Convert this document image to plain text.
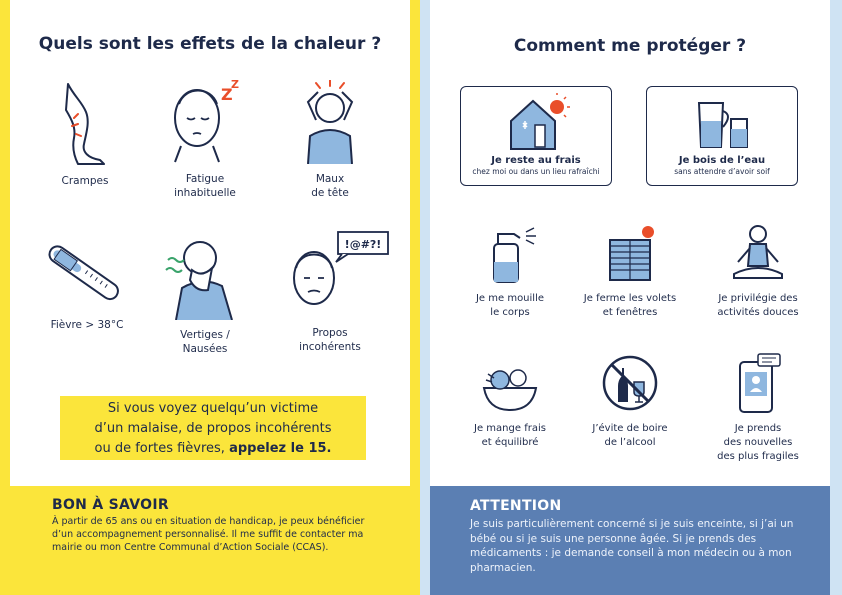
Quels sont les effets de la chaleur ?
Crampes
Z
Z
Fatigue
inhabituelle
Maux
de tête
Fièvre > 38°C
Vertiges /
Nausées
!@#?!
Propos
incohérents
Si vous voyez quelqu’un victime
d’un malaise, de propos incohérents
ou de fortes fièvres, appelez le 15.
BON À SAVOIR

À partir de 65 ans ou en situation de handicap, je peux bénéficier d’un accompagnement personnalisé. Il me suffit de contacter ma mairie ou mon Centre Communal d’Action Sociale (CCAS).

Comment me protéger ?
Je reste au frais
chez moi ou dans un lieu rafraîchi
Je bois de l’eau
sans attendre d’avoir soif
Je me mouille
le corps
Je ferme les volets
et fenêtres
Je privilégie des
activités douces
Je mange frais
et équilibré
J’évite de boire
de l’alcool
Je prends
des nouvelles
des plus fragiles
ATTENTION

Je suis particulièrement concerné si je suis enceinte, si j’ai un bébé ou si je suis une personne âgée. Si je prends des médicaments : je demande conseil à mon médecin ou à mon pharmacien.
